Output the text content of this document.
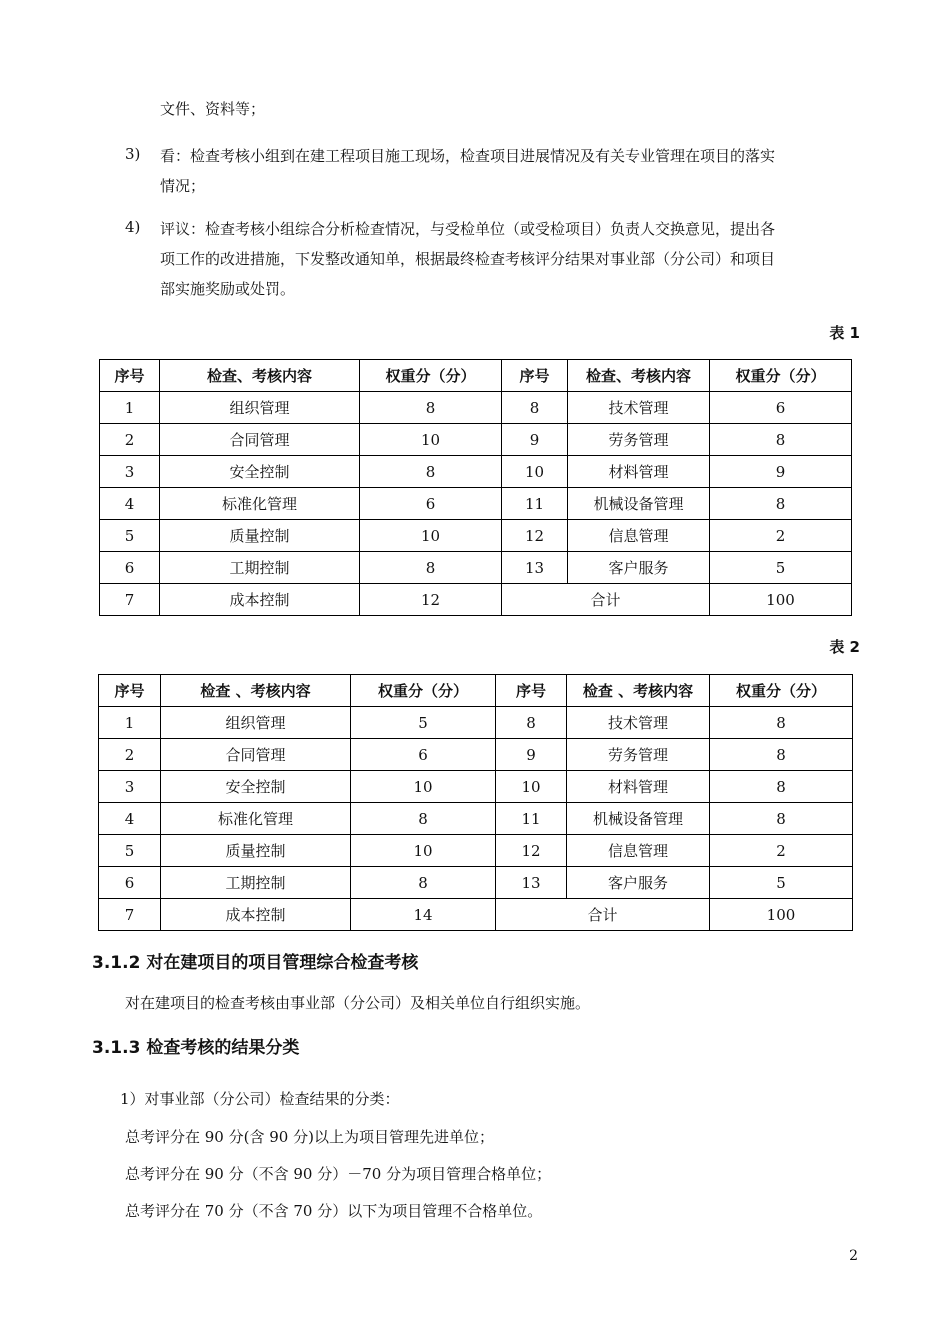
文件、资料等；
3) 看：检查考核小组到在建工程项目施工现场，检查项目进展情况及有关专业管理在项目的落实
情况；
4) 评议：检查考核小组综合分析检查情况，与受检单位（或受检项目）负责人交换意见，提出各
项工作的改进措施，下发整改通知单，根据最终检查考核评分结果对事业部（分公司）和项目
部实施奖励或处罚。
表 1
序号	检查、考核内容	权重分（分）	序号	检查、考核内容	权重分（分）
1	组织管理	8	8	技术管理	6
2	合同管理	10	9	劳务管理	8
3	安全控制	8	10	材料管理	9
4	标准化管理	6	11	机械设备管理	8
5	质量控制	10	12	信息管理	2
6	工期控制	8	13	客户服务	5
7	成本控制	12	合计		100
表 2
序号	检查 、考核内容	权重分（分）	序号	检查 、考核内容	权重分（分）
1	组织管理	5	8	技术管理	8
2	合同管理	6	9	劳务管理	8
3	安全控制	10	10	材料管理	8
4	标准化管理	8	11	机械设备管理	8
5	质量控制	10	12	信息管理	2
6	工期控制	8	13	客户服务	5
7	成本控制	14	合计		100
3.1.2 对在建项目的项目管理综合检查考核
对在建项目的检查考核由事业部（分公司）及相关单位自行组织实施。
3.1.3 检查考核的结果分类
1）对事业部（分公司）检查结果的分类：
总考评分在 90 分(含 90 分)以上为项目管理先进单位；
总考评分在 90 分（不含 90 分）－70 分为项目管理合格单位；
总考评分在 70 分（不含 70 分）以下为项目管理不合格单位。
2
